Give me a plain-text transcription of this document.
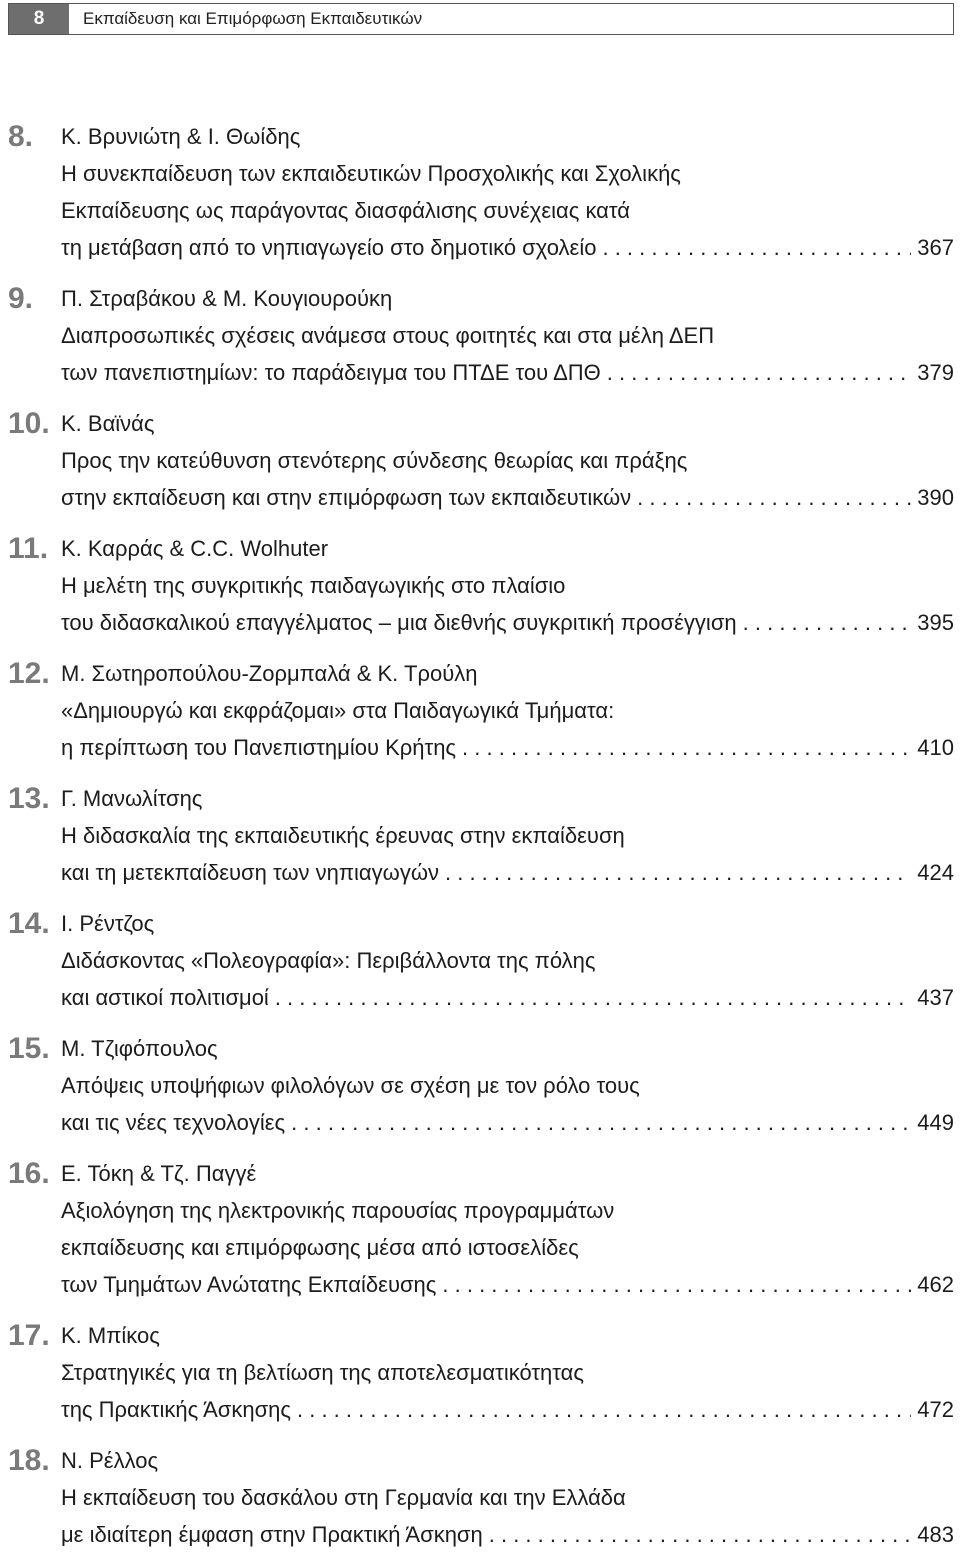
8	Εκπαίδευση και Επιμόρφωση Εκπαιδευτικών
8. Κ. Βρυνιώτη & Ι. Θωίδης
Η συνεκπαίδευση των εκπαιδευτικών Προσχολικής και Σχολικής
Εκπαίδευσης ως παράγοντας διασφάλισης συνέχειας κατά
τη μετάβαση από το νηπιαγωγείο στο δημοτικό σχολείο . . .	367
9. Π. Στραβάκου & Μ. Κουγιουρούκη
Διαπροσωπικές σχέσεις ανάμεσα στους φοιτητές και στα μέλη ΔΕΠ
των πανεπιστημίων: το παράδειγμα του ΠΤΔΕ του ΔΠΘ . . .	379
10. Κ. Βαϊνάς
Προς την κατεύθυνση στενότερης σύνδεσης θεωρίας και πράξης
στην εκπαίδευση και στην επιμόρφωση των εκπαιδευτικών . . .	390
11. Κ. Καρράς & C.C. Wolhuter
Η μελέτη της συγκριτικής παιδαγωγικής στο πλαίσιο
του διδασκαλικού επαγγέλματος – μια διεθνής συγκριτική προσέγγιση . . .	395
12. Μ. Σωτηροπούλου-Ζορμπαλά & Κ. Τρούλη
«Δημιουργώ και εκφράζομαι» στα Παιδαγωγικά Τμήματα:
η περίπτωση του Πανεπιστημίου Κρήτης . . .	410
13. Γ. Μανωλίτσης
Η διδασκαλία της εκπαιδευτικής έρευνας στην εκπαίδευση
και τη μετεκπαίδευση των νηπιαγωγών . . .	424
14. Ι. Ρέντζος
Διδάσκοντας «Πολεογραφία»: Περιβάλλοντα της πόλης
και αστικοί πολιτισμοί . . .	437
15. Μ. Τζιφόπουλος
Απόψεις υποψήφιων φιλολόγων σε σχέση με τον ρόλο τους
και τις νέες τεχνολογίες . . .	449
16. Ε. Τόκη & Τζ. Παγγέ
Αξιολόγηση της ηλεκτρονικής παρουσίας προγραμμάτων
εκπαίδευσης και επιμόρφωσης μέσα από ιστοσελίδες
των Τμημάτων Ανώτατης Εκπαίδευσης . . .	462
17. Κ. Μπίκος
Στρατηγικές για τη βελτίωση της αποτελεσματικότητας
της Πρακτικής Άσκησης . . .	472
18. Ν. Ρέλλος
Η εκπαίδευση του δασκάλου στη Γερμανία και την Ελλάδα
με ιδιαίτερη έμφαση στην Πρακτική Άσκηση . . .	483
